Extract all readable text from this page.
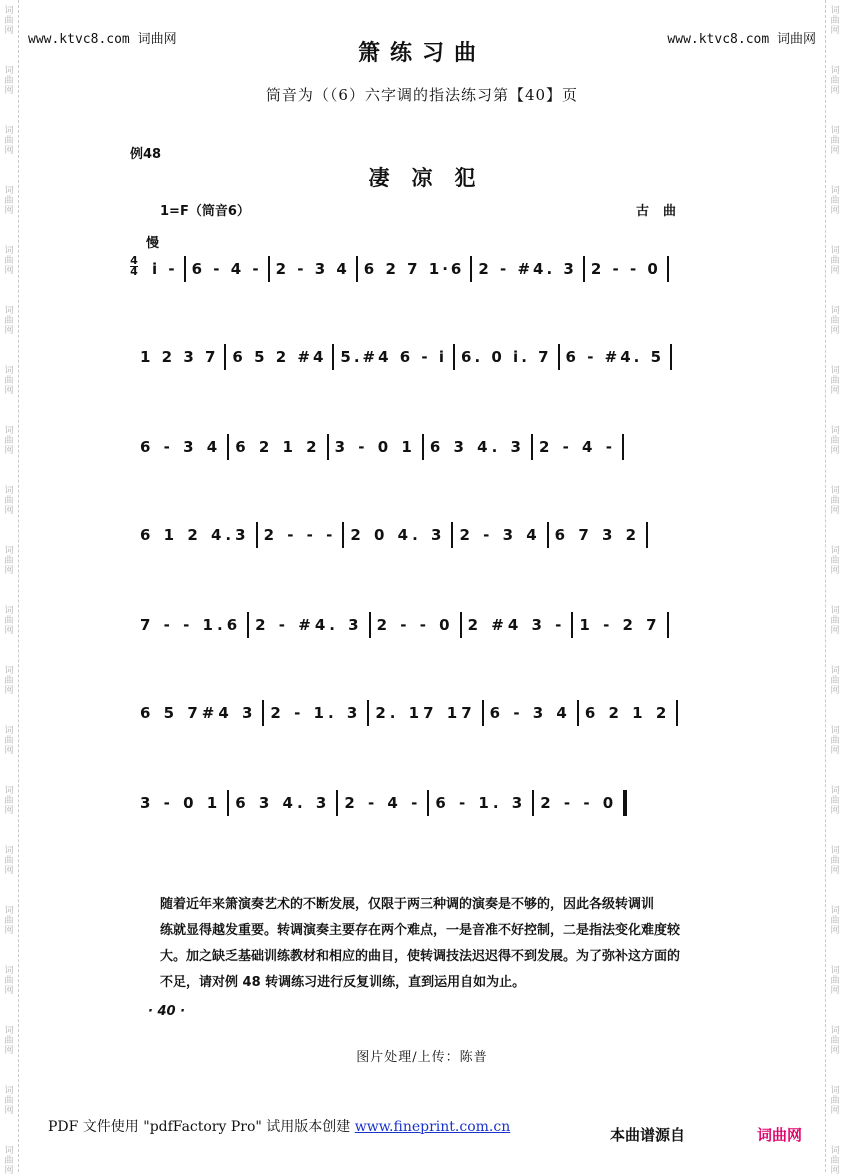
词
曲
网
词
曲
网
词
曲
网
词
曲
网
词
曲
网
词
曲
网
词
曲
网
词
曲
网
词
曲
网
词
曲
网
词
曲
网
词
曲
网
词
曲
网
词
曲
网
词
曲
网
词
曲
网
词
曲
网
词
曲
网
词
曲
网
词
曲
网
词
曲
网
词
曲
网
词
曲
网
词
曲
网
词
曲
网
词
曲
网
词
曲
网
词
曲
网
词
曲
网
词
曲
网
词
曲
网
词
曲
网
词
曲
网
词
曲
网
词
曲
网
词
曲
网
词
曲
网
词
曲
网
词
曲
网
词
曲
网
www.ktvc8.com 词曲网	www.ktvc8.com 词曲网
箫练习曲
筒音为（（6）六字调的指法练习第【40】页
例48
凄凉犯
1=F（筒音6）	古曲
慢
4
4 i - 6 - 4 - 2 - 3 4 6 2 7 1·6 2 - #4. 3 2 - - 0
1 2 3 7 6 5 2 #4 5.#4 6 - i 6. 0 i. 7 6 - #4. 5
6 - 3 4 6 2 1 2 3 - 0 1 6 3 4. 3 2 - 4 -
6 1 2 4.3 2 - - - 2 0 4. 3 2 - 3 4 6 7 3 2
7 - - 1.6 2 - #4. 3 2 - - 0 2 #4 3 - 1 - 2 7
6 5 7#4 3 2 - 1. 3 2. 17 17 6 - 3 4 6 2 1 2
3 - 0 1 6 3 4. 3 2 - 4 - 6 - 1. 3 2 - - 0
随着近年来箫演奏艺术的不断发展，仅限于两三种调的演奏是不够的，因此各级转调训
练就显得越发重要。转调演奏主要存在两个难点，一是音准不好控制，二是指法变化难度较
大。加之缺乏基础训练教材和相应的曲目，使转调技法迟迟得不到发展。为了弥补这方面的
不足，请对例 48 转调练习进行反复训练，直到运用自如为止。
· 40 ·
图片处理/上传：陈普
PDF 文件使用 "pdfFactory Pro" 试用版本创建 www.fineprint.com.cn	本曲谱源自	词曲网
